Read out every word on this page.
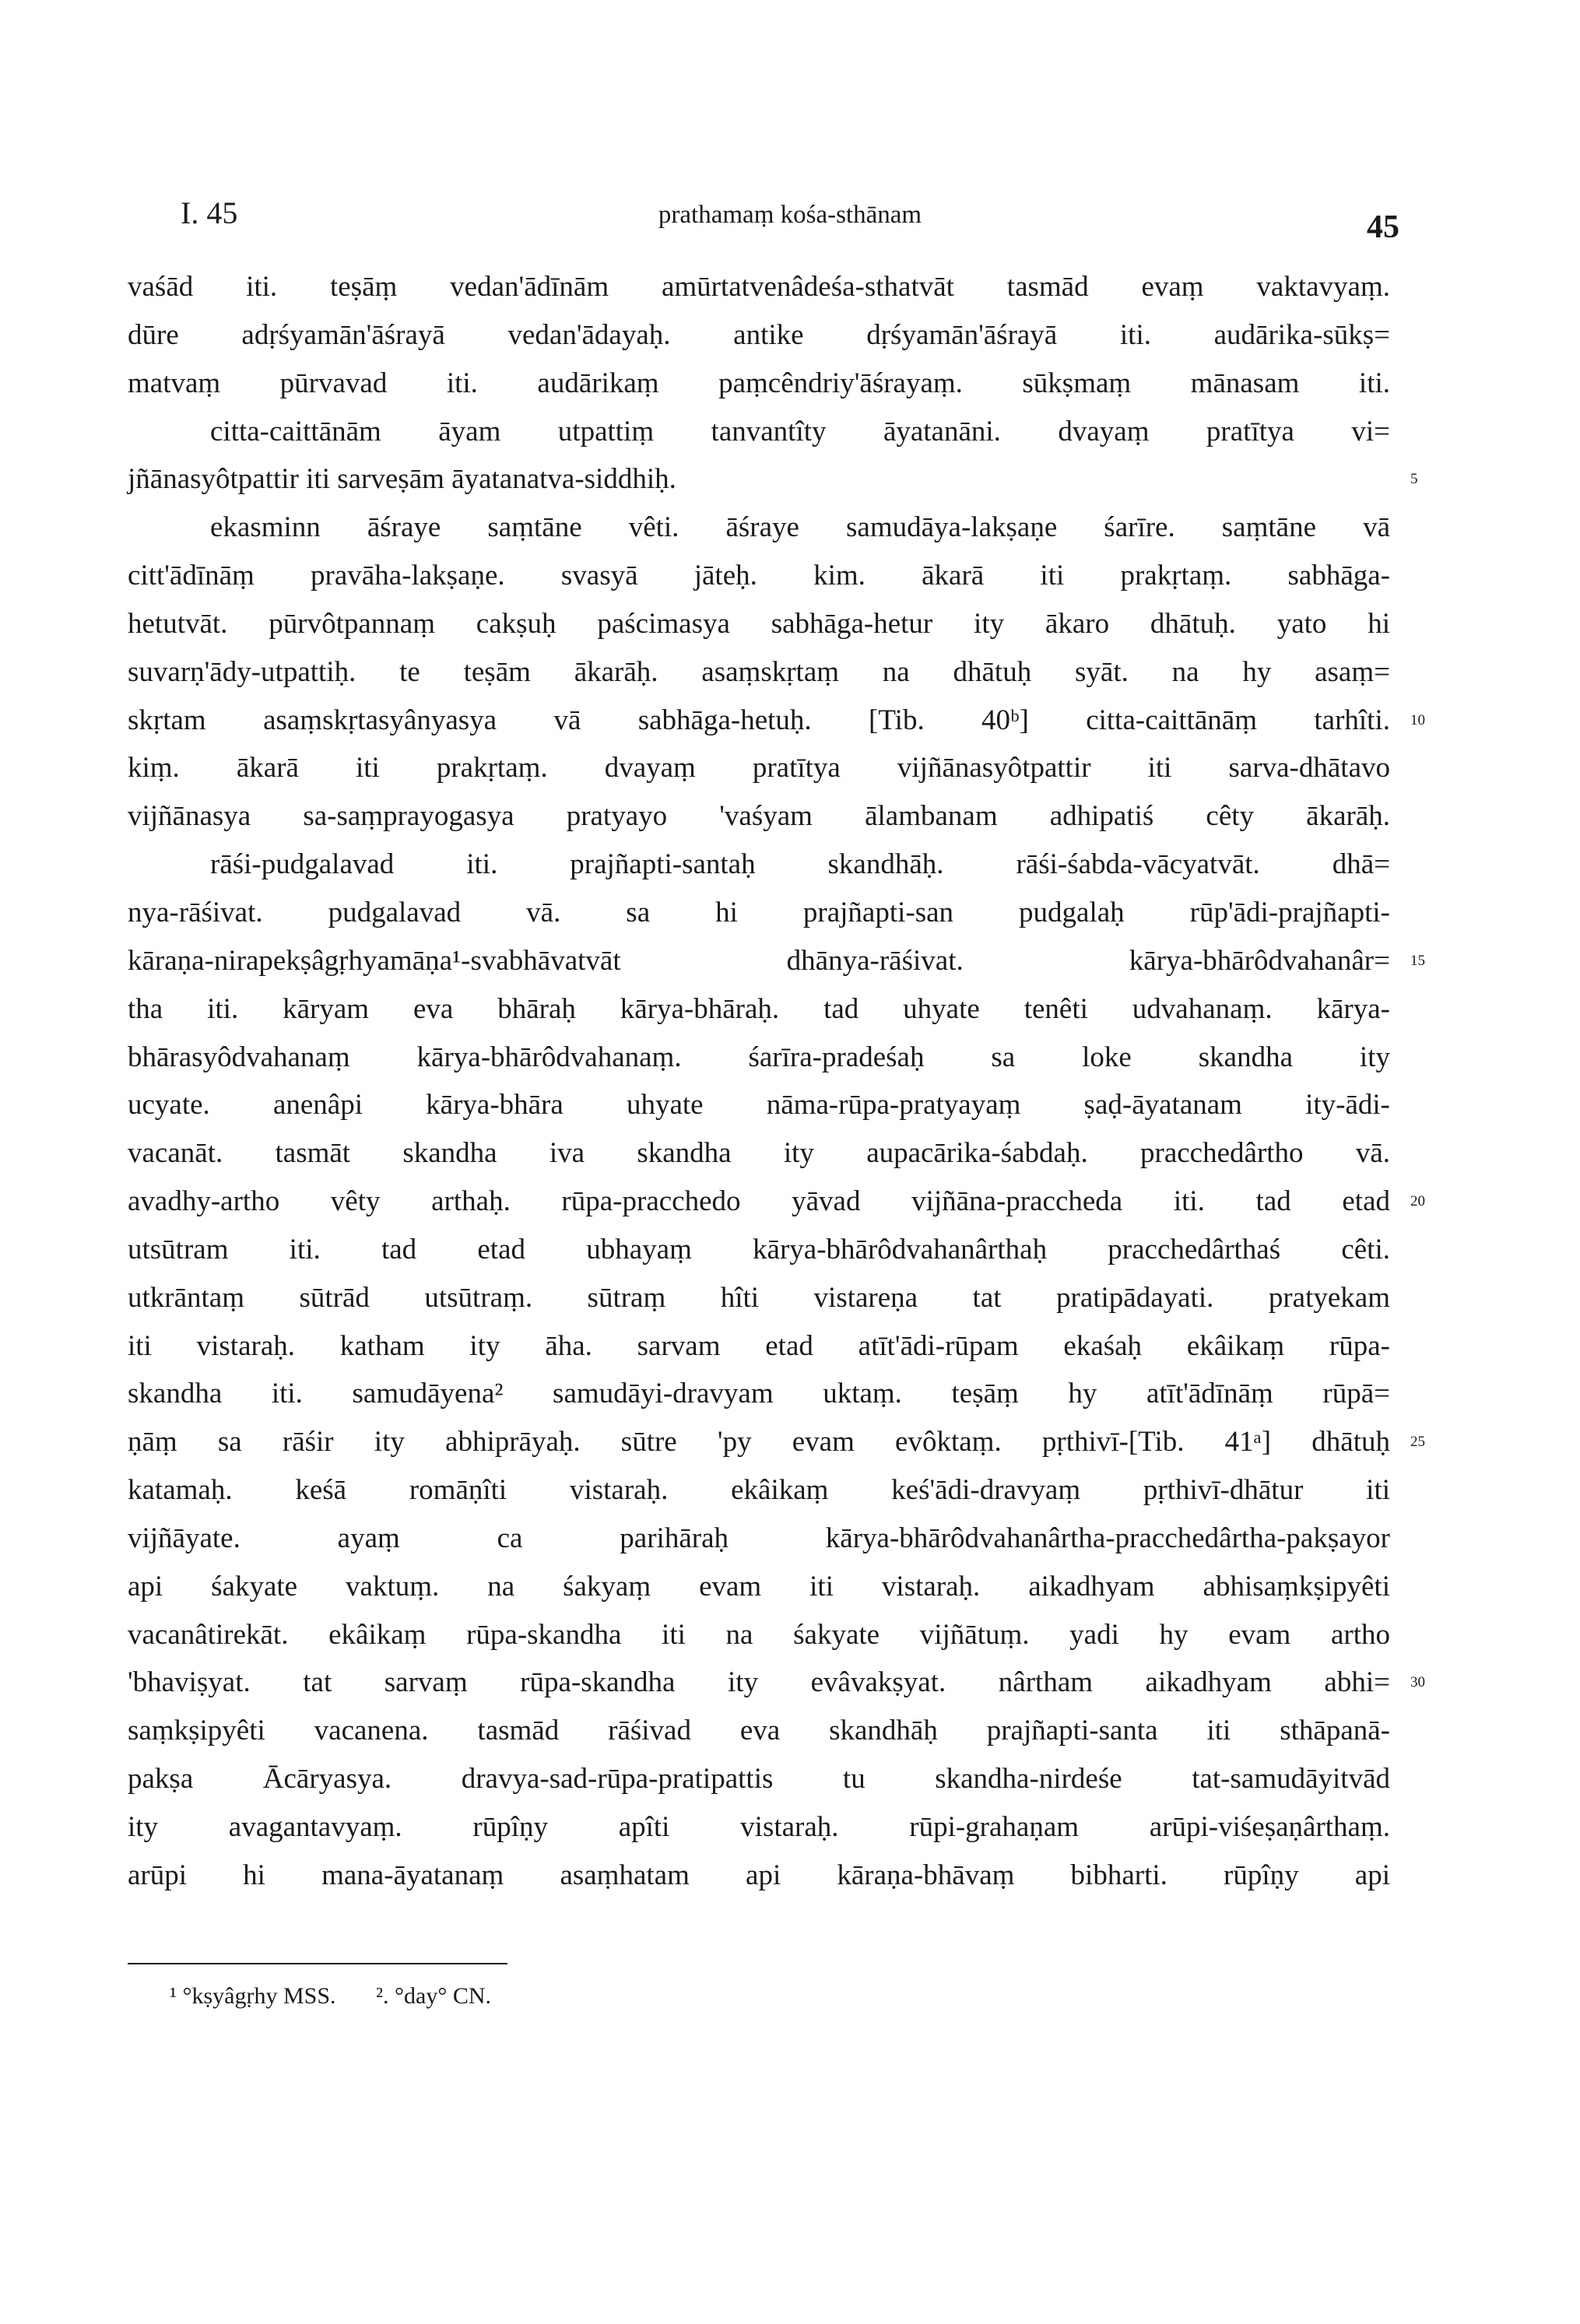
I. 45	prathamaṃ kośa-sthānam	45
vaśād iti. teṣāṃ vedan'ādīnām amūrtatvenâdeśa-sthatvāt tasmād evaṃ vaktavyaṃ.
dūre adṛśyamān'āśrayā vedan'ādayaḥ. antike dṛśyamān'āśrayā iti. audārika-sūkṣ=
matvaṃ pūrvavad iti. audārikaṃ paṃcêndriy'āśrayaṃ. sūkṣmaṃ mānasam iti.
citta-caittānām āyam utpattiṃ tanvantîty āyatanāni. dvayaṃ pratītya vi=
jñānasyôtpattir iti sarveṣām āyatanatva-siddhiḥ.	5
ekasminn āśraye saṃtāne vêti. āśraye samudāya-lakṣaṇe śarīre. saṃtāne vā
citt'ādīnāṃ pravāha-lakṣaṇe. svasyā jāteḥ. kim. ākarā iti prakṛtaṃ. sabhāga-
hetutvāt. pūrvôtpannaṃ cakṣuḥ paścimasya sabhāga-hetur ity ākaro dhātuḥ. yato hi
suvarṇ'ādy-utpattiḥ. te teṣām ākarāḥ. asaṃskṛtaṃ na dhātuḥ syāt. na hy asaṃ=
skṛtam asaṃskṛtasyânyasya vā sabhāga-hetuḥ. [Tib. 40ᵇ] citta-caittānāṃ tarhîti. 10
kiṃ. ākarā iti prakṛtaṃ. dvayaṃ pratītya vijñānasyôtpattir iti sarva-dhātavo
vijñānasya sa-saṃprayogasya pratyayo 'vaśyam ālambanam adhipatiś cêty ākarāḥ.
rāśi-pudgalavad iti. prajñapti-santaḥ skandhāḥ. rāśi-śabda-vācyatvāt. dhā=
nya-rāśivat. pudgalavad vā. sa hi prajñapti-san pudgalaḥ rūp'ādi-prajñapti-
kāraṇa-nirapekṣâgṛhyamāṇa¹-svabhāvatvāt dhānya-rāśivat. kārya-bhārôdvahanâr= 15
tha iti. kāryam eva bhāraḥ kārya-bhāraḥ. tad uhyate tenêti udvahanaṃ. kārya-
bhārasyôdvahanaṃ kārya-bhārôdvahanaṃ. śarīra-pradeśaḥ sa loke skandha ity
ucyate. anenâpi kārya-bhāra uhyate nāma-rūpa-pratyayaṃ ṣaḍ-āyatanam ity-ādi-
vacanāt. tasmāt skandha iva skandha ity aupacārika-śabdaḥ. pracchedârtho vā.
avadhy-artho vêty arthaḥ. rūpa-pracchedo yāvad vijñāna-praccheda iti. tad etad 20
utsūtram iti. tad etad ubhayaṃ kārya-bhārôdvahanârthaḥ pracchedârthaś cêti.
utkrāntaṃ sūtrād utsūtraṃ. sūtraṃ hîti vistareṇa tat pratipādayati. pratyekam
iti vistaraḥ. katham ity āha. sarvam etad atīt'ādi-rūpam ekaśaḥ ekâikaṃ rūpa-
skandha iti. samudāyena² samudāyi-dravyam uktaṃ. teṣāṃ hy atīt'ādīnāṃ rūpā=
ṇāṃ sa rāśir ity abhiprāyaḥ. sūtre 'py evam evôktaṃ. pṛthivī-[Tib. 41ᵃ] dhātuḥ 25
katamaḥ. keśā romāṇîti vistaraḥ. ekâikaṃ keś'ādi-dravyaṃ pṛthivī-dhātur iti
vijñāyate. ayaṃ ca parihāraḥ kārya-bhārôdvahanârtha-pracchedârtha-pakṣayor
api śakyate vaktuṃ. na śakyaṃ evam iti vistaraḥ. aikadhyam abhisaṃkṣipyêti
vacanâtirekāt. ekâikaṃ rūpa-skandha iti na śakyate vijñātuṃ. yadi hy evam artho
'bhaviṣyat. tat sarvaṃ rūpa-skandha ity evâvakṣyat. nârtham aikadhyam abhi= 30
saṃkṣipyêti vacanena. tasmād rāśivad eva skandhāḥ prajñapti-santa iti sthāpanā-
pakṣa Ācāryasya. dravya-sad-rūpa-pratipattis tu skandha-nirdeśe tat-samudāyitvād
ity avagantavyaṃ. rūpîṇy apîti vistaraḥ. rūpi-grahaṇam arūpi-viśeṣaṇârthaṃ.
arūpi hi mana-āyatanaṃ asaṃhatam api kāraṇa-bhāvaṃ bibharti. rūpîṇy api
¹ °kṣyâgṛhy MSS. ². °day° CN.
